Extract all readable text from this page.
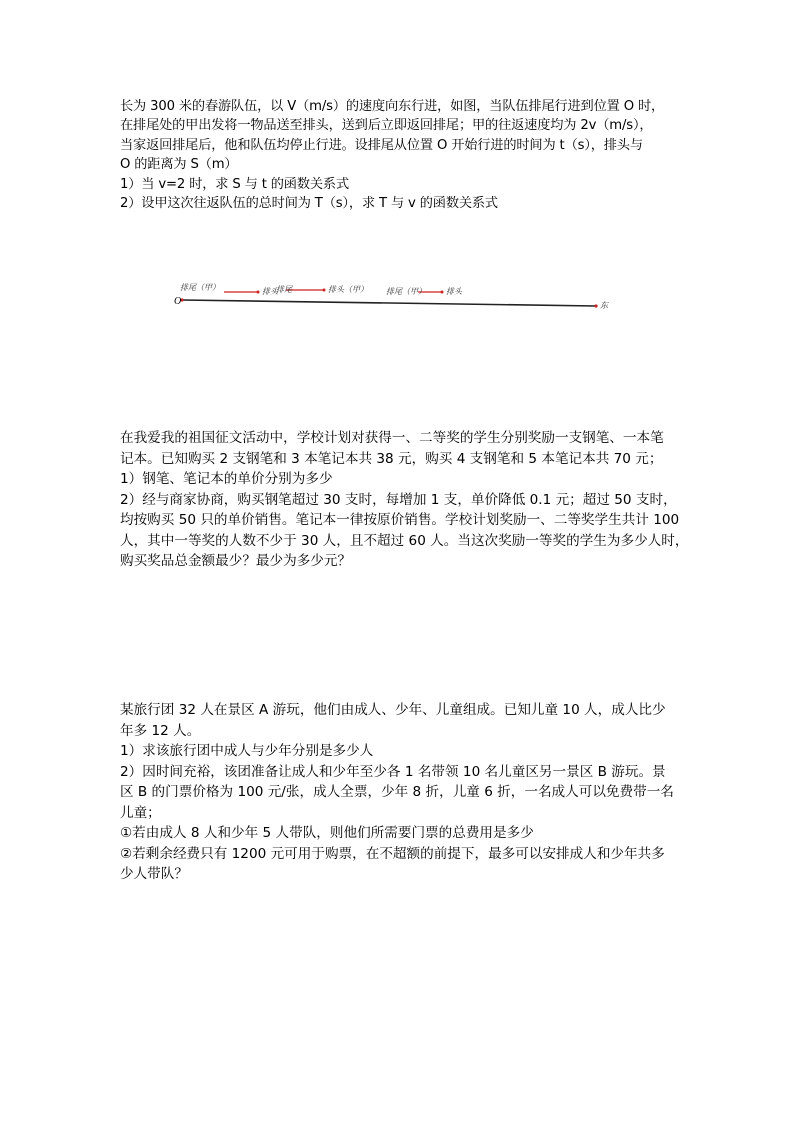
长为 300 米的春游队伍，以 V（m/s）的速度向东行进，如图，当队伍排尾行进到位置 O 时，
在排尾处的甲出发将一物品送至排头，送到后立即返回排尾；甲的往返速度均为 2v（m/s），
当家返回排尾后，他和队伍均停止行进。设排尾从位置 O 开始行进的时间为 t（s），排头与
O 的距离为 S（m）
1）当 v=2 时，求 S 与 t 的函数关系式
2）设甲这次往返队伍的总时间为 T（s），求 T 与 v 的函数关系式
O	东
排尾（甲）	排头
排尾	排头（甲） 排尾（甲）	排头
在我爱我的祖国征文活动中，学校计划对获得一、二等奖的学生分别奖励一支钢笔、一本笔
记本。已知购买 2 支钢笔和 3 本笔记本共 38 元，购买 4 支钢笔和 5 本笔记本共 70 元；
1）钢笔、笔记本的单价分别为多少
2）经与商家协商，购买钢笔超过 30 支时，每增加 1 支，单价降低 0.1 元；超过 50 支时，
均按购买 50 只的单价销售。笔记本一律按原价销售。学校计划奖励一、二等奖学生共计 100
人，其中一等奖的人数不少于 30 人，且不超过 60 人。当这次奖励一等奖的学生为多少人时，
购买奖品总金额最少？最少为多少元？
某旅行团 32 人在景区 A 游玩，他们由成人、少年、儿童组成。已知儿童 10 人，成人比少
年多 12 人。
1）求该旅行团中成人与少年分别是多少人
2）因时间充裕，该团准备让成人和少年至少各 1 名带领 10 名儿童区另一景区 B 游玩。景
区 B 的门票价格为 100 元/张，成人全票，少年 8 折，儿童 6 折，一名成人可以免费带一名
儿童；
①若由成人 8 人和少年 5 人带队，则他们所需要门票的总费用是多少
②若剩余经费只有 1200 元可用于购票，在不超额的前提下，最多可以安排成人和少年共多
少人带队？
